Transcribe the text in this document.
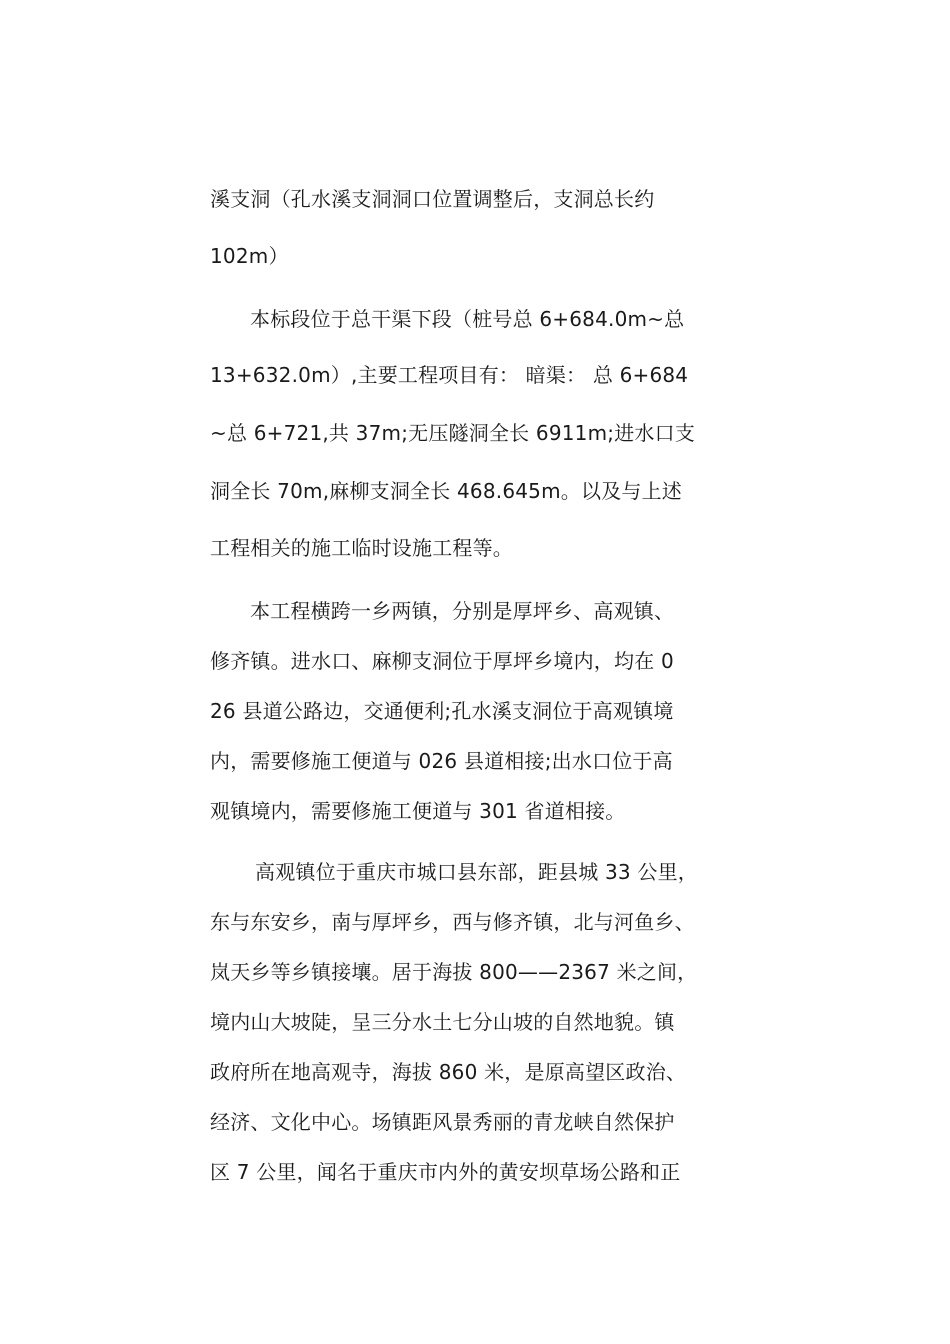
溪支洞（孔水溪支洞洞口位置调整后，支洞总长约
102m）
本标段位于总干渠下段（桩号总 6+684.0m~总
13+632.0m）,主要工程项目有： 暗渠： 总 6+684
~总 6+721,共 37m;无压隧洞全长 6911m;进水口支
洞全长 70m,麻柳支洞全长 468.645m。以及与上述
工程相关的施工临时设施工程等。
本工程横跨一乡两镇，分别是厚坪乡、高观镇、
修齐镇。进水口、麻柳支洞位于厚坪乡境内，均在 0
26 县道公路边，交通便利;孔水溪支洞位于高观镇境
内，需要修施工便道与 026 县道相接;出水口位于高
观镇境内，需要修施工便道与 301 省道相接。
高观镇位于重庆市城口县东部，距县城 33 公里，
东与东安乡，南与厚坪乡，西与修齐镇，北与河鱼乡、
岚天乡等乡镇接壤。居于海拔 800——2367 米之间，
境内山大坡陡，呈三分水土七分山坡的自然地貌。镇
政府所在地高观寺，海拔 860 米，是原高望区政治、
经济、文化中心。场镇距风景秀丽的青龙峡自然保护
区 7 公里，闻名于重庆市内外的黄安坝草场公路和正
